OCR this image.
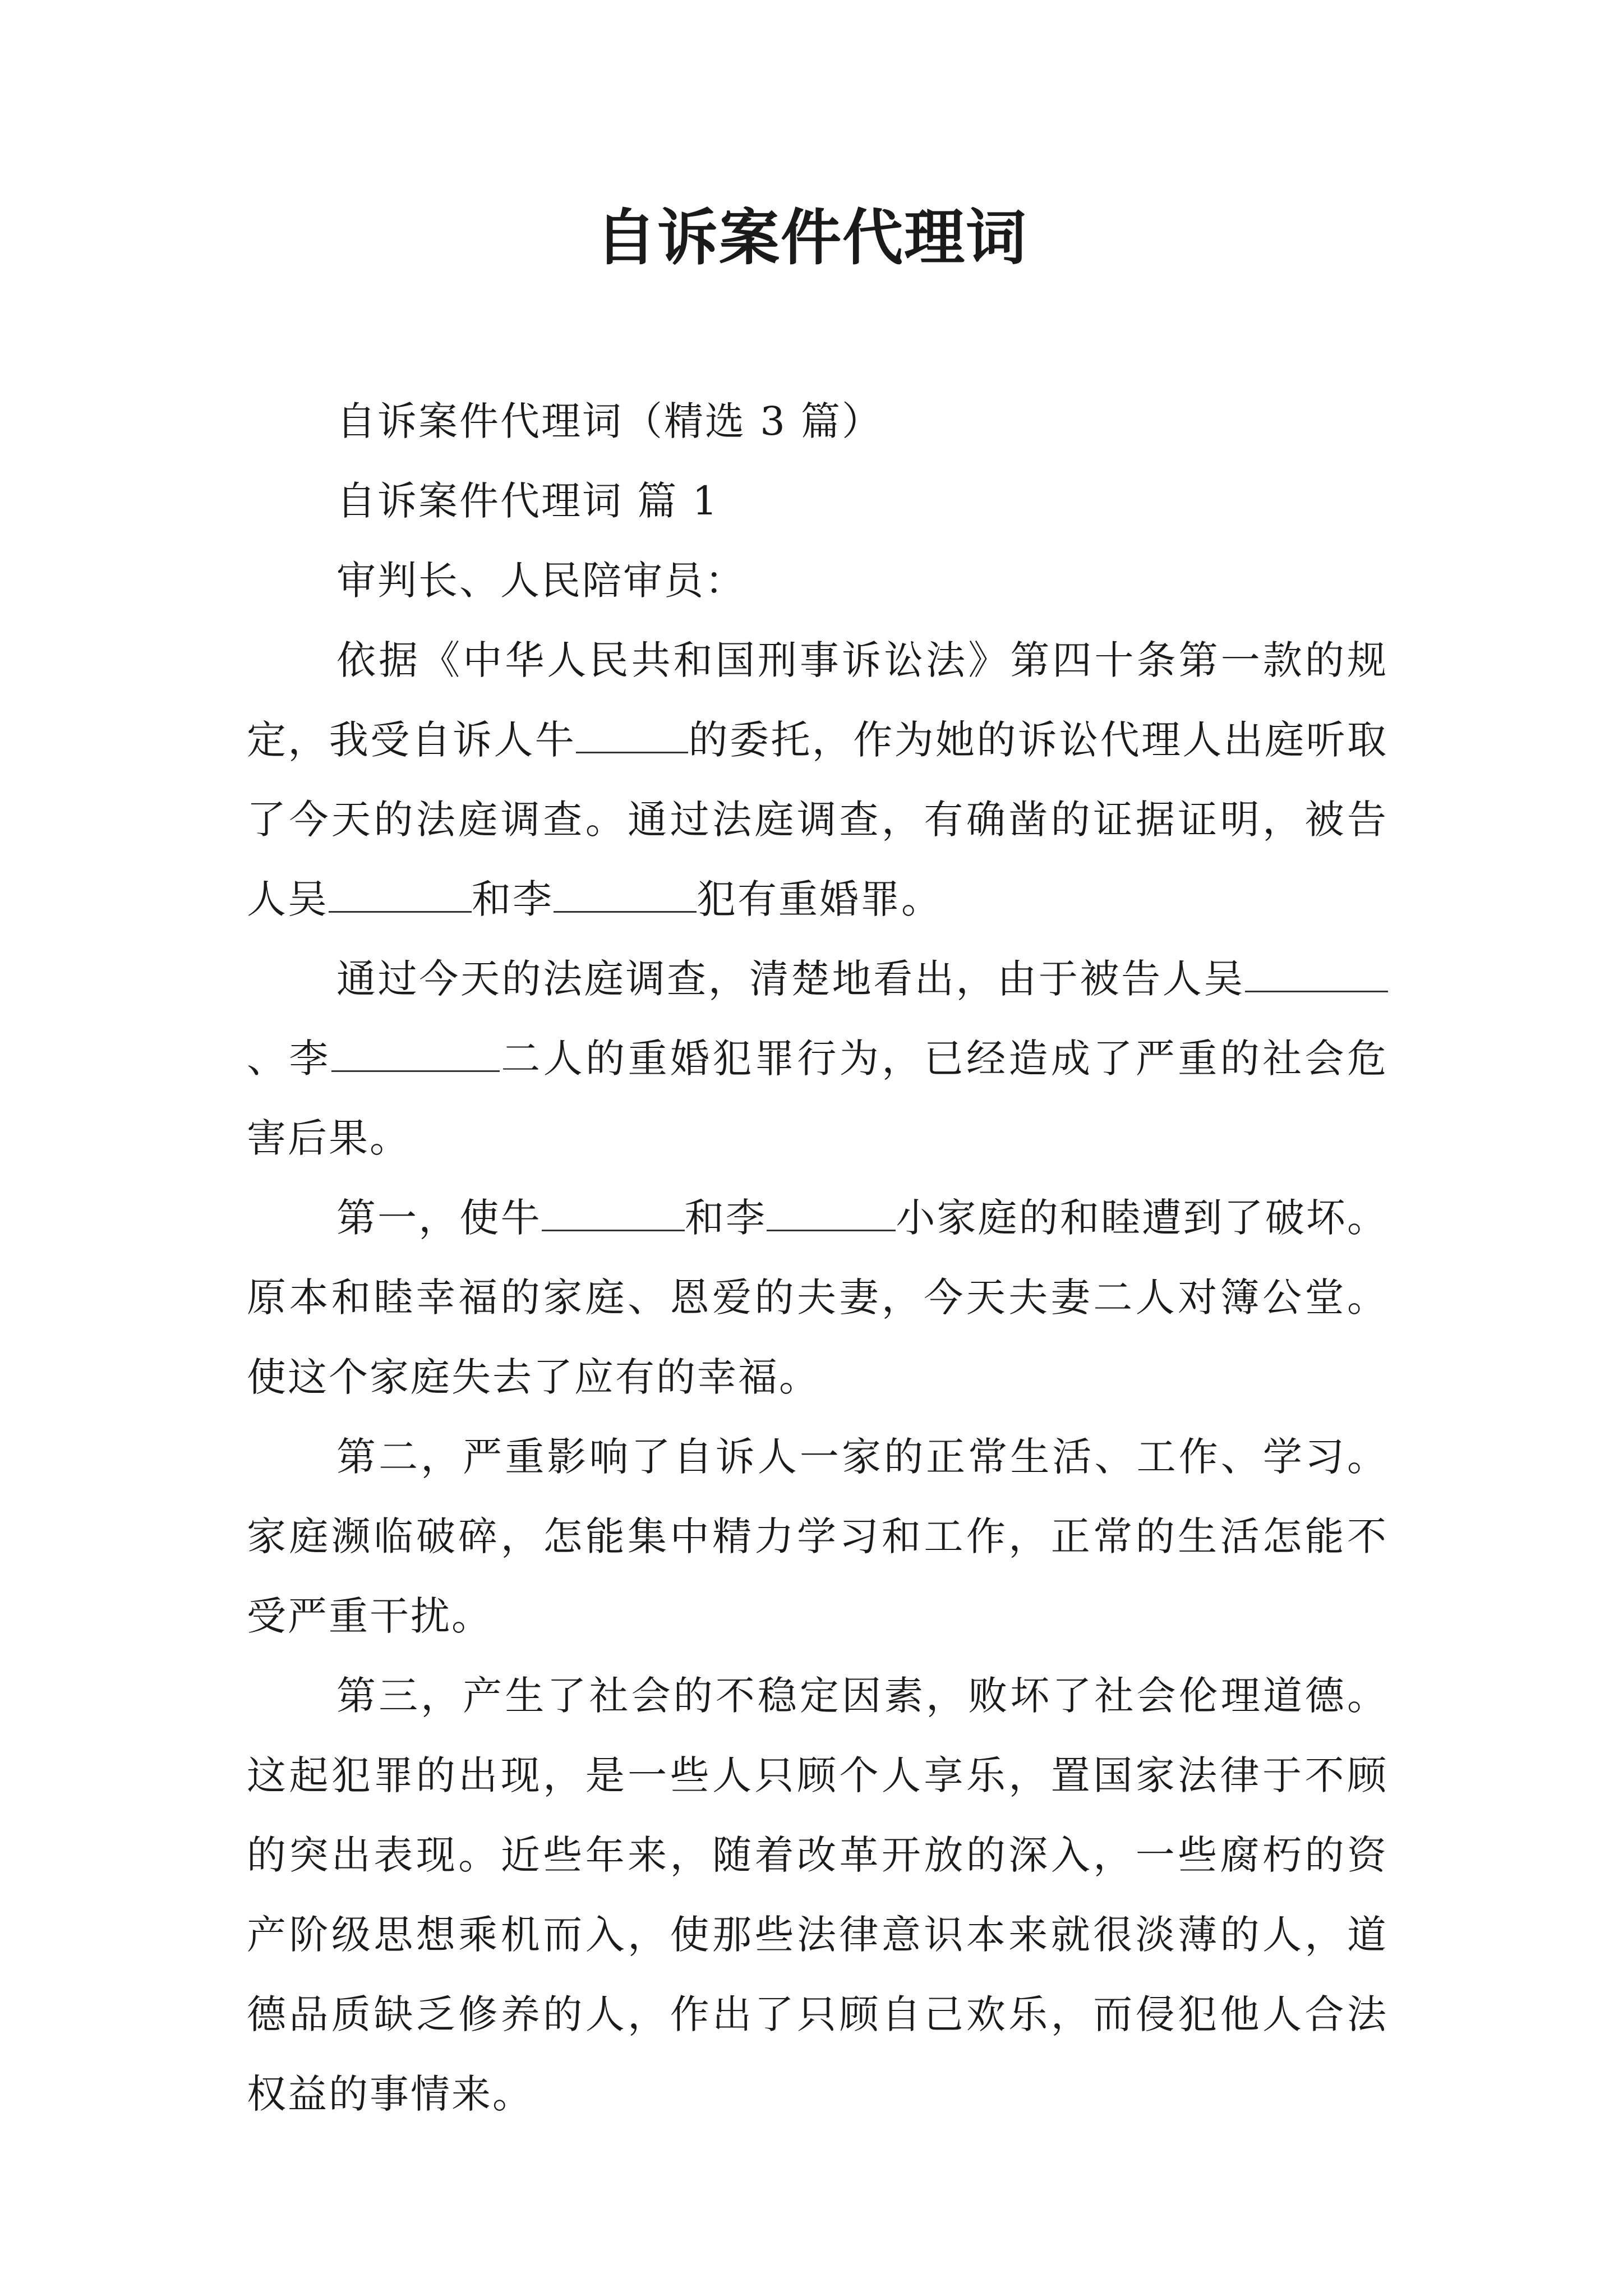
自诉案件代理词

自诉案件代理词（精选 3 篇）

自诉案件代理词 篇 1

审判长、人民陪审员：

依据《中华人民共和国刑事诉讼法》第四十条第一款的规定，我受自诉人牛	的委托，作为她的诉讼代理人出庭听取了今天的法庭调查。通过法庭调查，有确凿的证据证明，被告人吴	和李	犯有重婚罪。

通过今天的法庭调查，清楚地看出，由于被告人吴、李	二人的重婚犯罪行为，已经造成了严重的社会危害后果。

第一，使牛	和李	小家庭的和睦遭到了破坏。原本和睦幸福的家庭、恩爱的夫妻，今天夫妻二人对簿公堂。使这个家庭失去了应有的幸福。

第二，严重影响了自诉人一家的正常生活、工作、学习。家庭濒临破碎，怎能集中精力学习和工作，正常的生活怎能不受严重干扰。

第三，产生了社会的不稳定因素，败坏了社会伦理道德。这起犯罪的出现，是一些人只顾个人享乐，置国家法律于不顾的突出表现。近些年来，随着改革开放的深入，一些腐朽的资产阶级思想乘机而入，使那些法律意识本来就很淡薄的人，道德品质缺乏修养的人，作出了只顾自己欢乐，而侵犯他人合法权益的事情来。
